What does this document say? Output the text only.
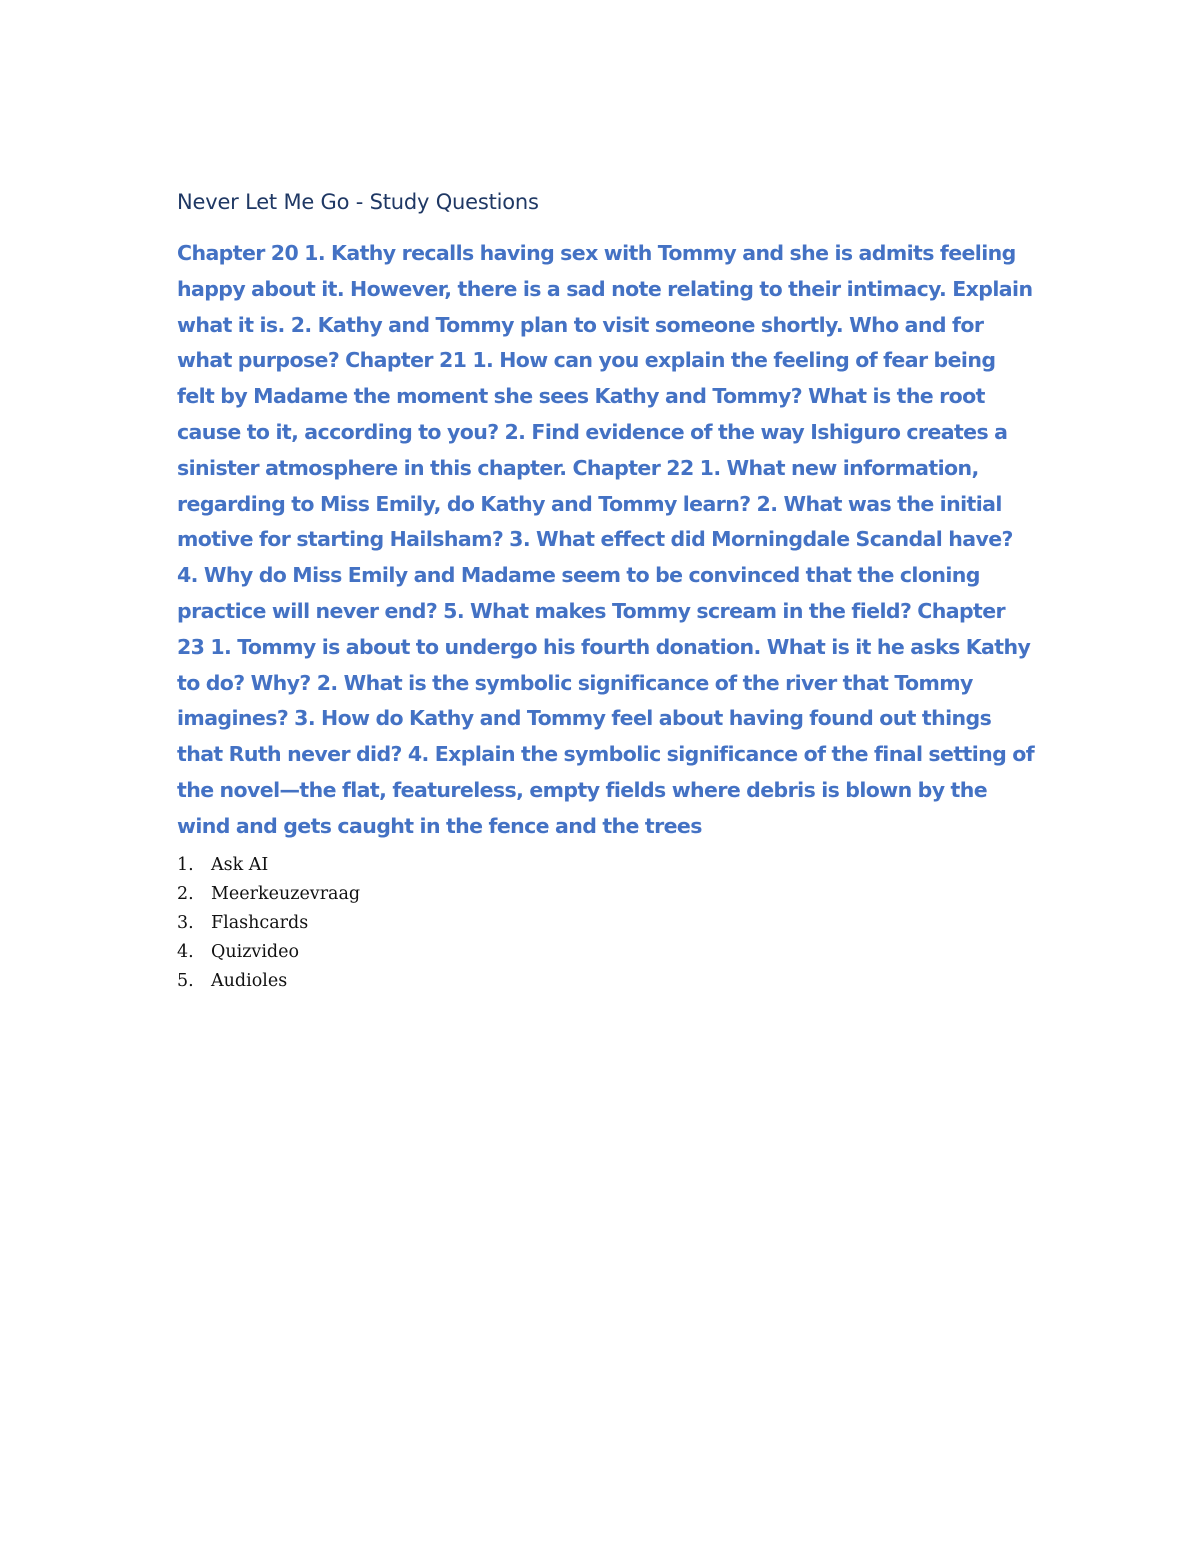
Never Let Me Go - Study Questions

Chapter 20 1. Kathy recalls having sex with Tommy and she is admits feeling happy about it. However, there is a sad note relating to their intimacy. Explain what it is. 2. Kathy and Tommy plan to visit someone shortly. Who and for what purpose? Chapter 21 1. How can you explain the feeling of fear being felt by Madame the moment she sees Kathy and Tommy? What is the root cause to it, according to you? 2. Find evidence of the way Ishiguro creates a sinister atmosphere in this chapter. Chapter 22 1. What new information, regarding to Miss Emily, do Kathy and Tommy learn? 2. What was the initial motive for starting Hailsham? 3. What effect did Morningdale Scandal have? 4. Why do Miss Emily and Madame seem to be convinced that the cloning practice will never end? 5. What makes Tommy scream in the field? Chapter 23 1. Tommy is about to undergo his fourth donation. What is it he asks Kathy to do? Why? 2. What is the symbolic significance of the river that Tommy imagines? 3. How do Kathy and Tommy feel about having found out things that Ruth never did? 4. Explain the symbolic significance of the final setting of the novel—the flat, featureless, empty fields where debris is blown by the wind and gets caught in the fence and the trees

1. Ask AI
2. Meerkeuzevraag
3. Flashcards
4. Quizvideo
5. Audioles
